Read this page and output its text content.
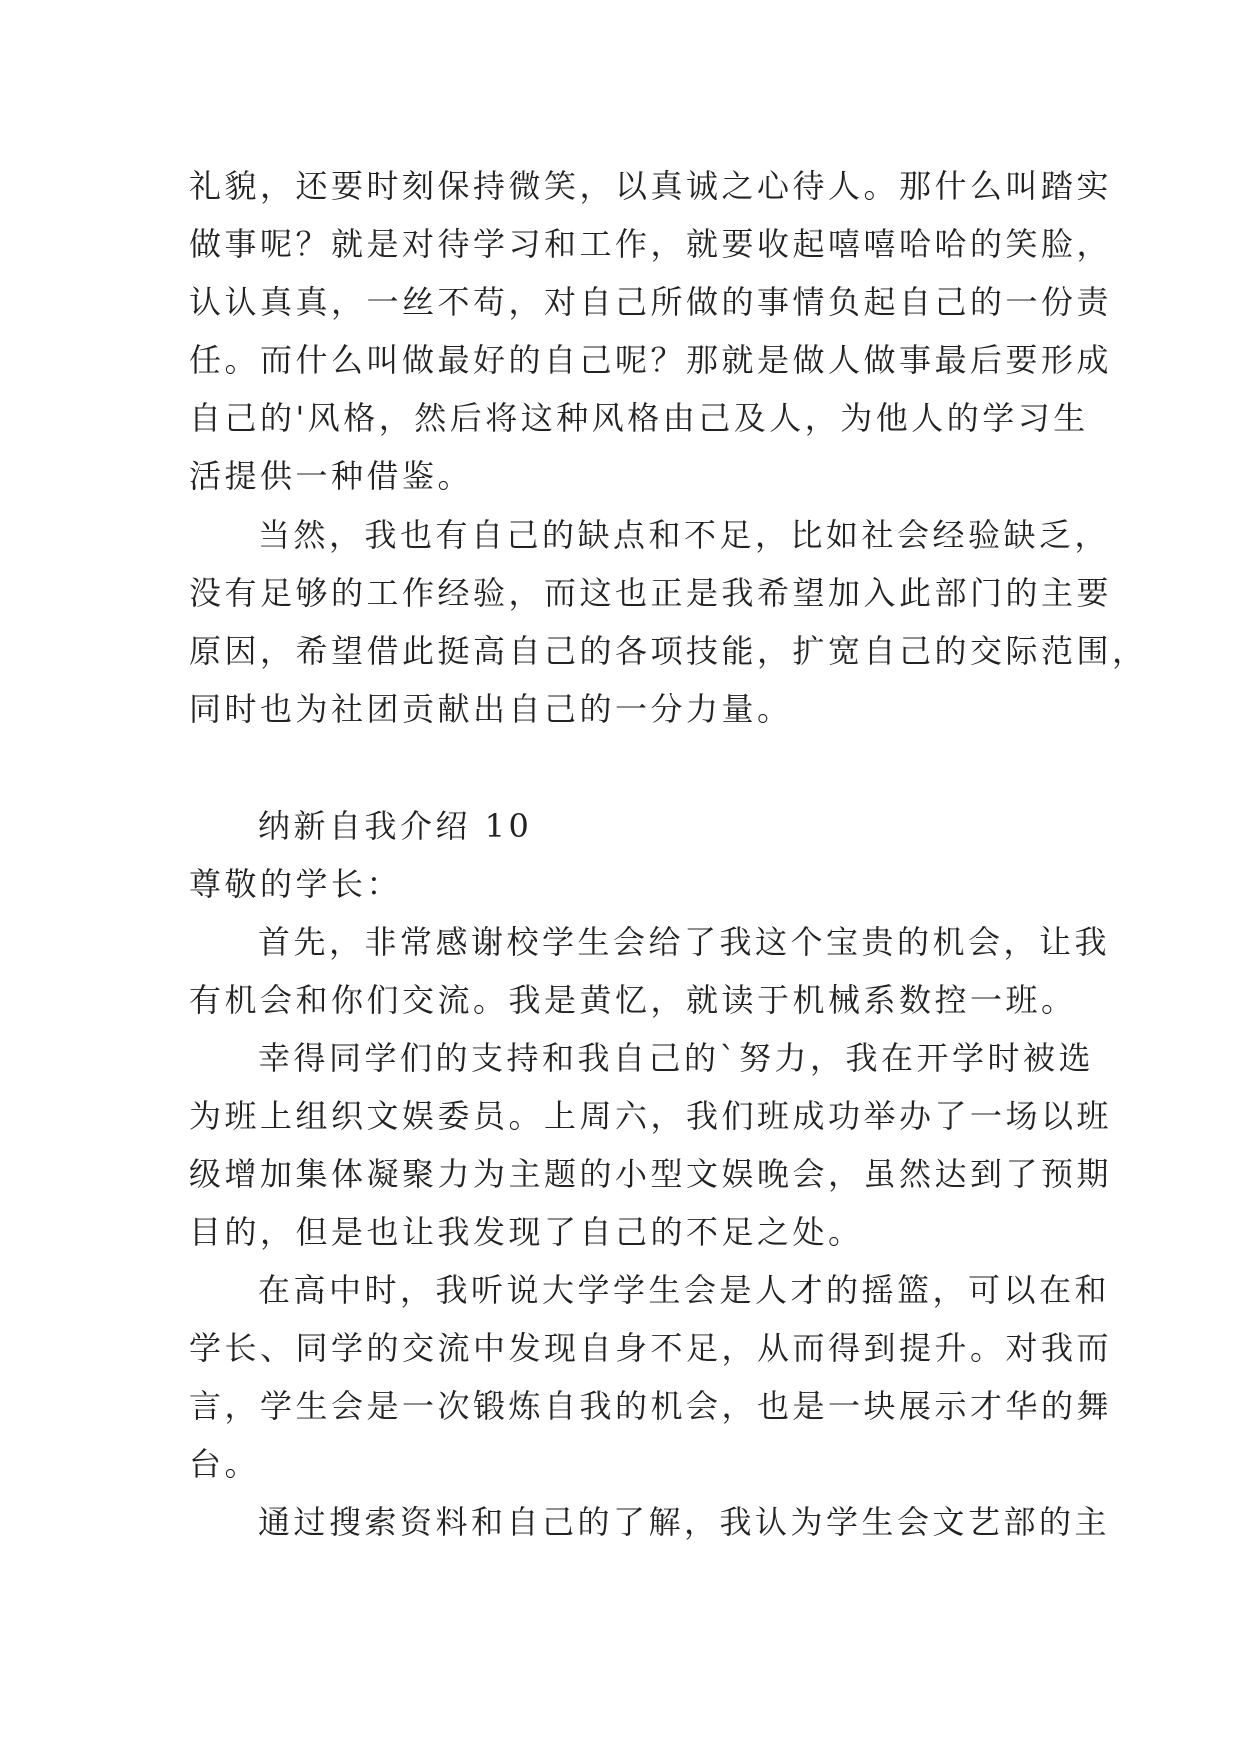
礼貌，还要时刻保持微笑，以真诚之心待人。那什么叫踏实
做事呢？就是对待学习和工作，就要收起嘻嘻哈哈的笑脸，
认认真真，一丝不苟，对自己所做的事情负起自己的一份责
任。而什么叫做最好的自己呢？那就是做人做事最后要形成
自己的'风格，然后将这种风格由己及人，为他人的学习生
活提供一种借鉴。
当然，我也有自己的缺点和不足，比如社会经验缺乏，
没有足够的工作经验，而这也正是我希望加入此部门的主要
原因，希望借此挺高自己的各项技能，扩宽自己的交际范围，
同时也为社团贡献出自己的一分力量。
纳新自我介绍 10
尊敬的学长：
首先，非常感谢校学生会给了我这个宝贵的机会，让我
有机会和你们交流。我是黄忆，就读于机械系数控一班。
幸得同学们的支持和我自己的`努力，我在开学时被选
为班上组织文娱委员。上周六，我们班成功举办了一场以班
级增加集体凝聚力为主题的小型文娱晚会，虽然达到了预期
目的，但是也让我发现了自己的不足之处。
在高中时，我听说大学学生会是人才的摇篮，可以在和
学长、同学的交流中发现自身不足，从而得到提升。对我而
言，学生会是一次锻炼自我的机会，也是一块展示才华的舞
台。
通过搜索资料和自己的了解，我认为学生会文艺部的主
